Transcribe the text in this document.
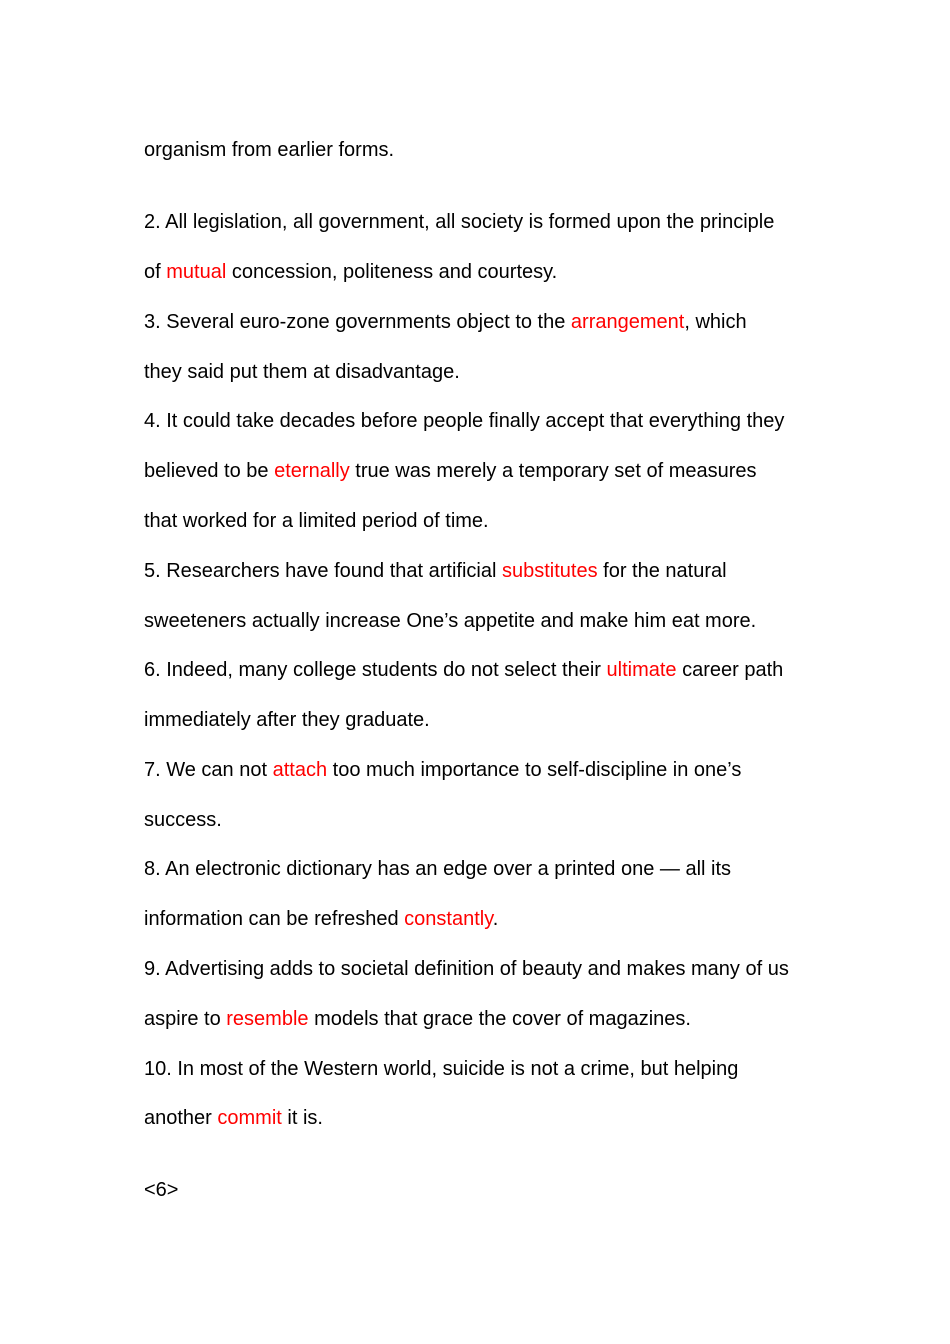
organism from earlier forms.
2. All legislation, all government, all society is formed upon the principle
of mutual concession, politeness and courtesy.
3. Several euro-zone governments object to the arrangement, which
they said put them at disadvantage.
4. It could take decades before people finally accept that everything they
believed to be eternally true was merely a temporary set of measures
that worked for a limited period of time.
5. Researchers have found that artificial substitutes for the natural
sweeteners actually increase One’s appetite and make him eat more.
6. Indeed, many college students do not select their ultimate career path
immediately after they graduate.
7. We can not attach too much importance to self-discipline in one’s
success.
8. An electronic dictionary has an edge over a printed one — all its
information can be refreshed constantly.
9. Advertising adds to societal definition of beauty and makes many of us
aspire to resemble models that grace the cover of magazines.
10. In most of the Western world, suicide is not a crime, but helping
another commit it is.
<6>
